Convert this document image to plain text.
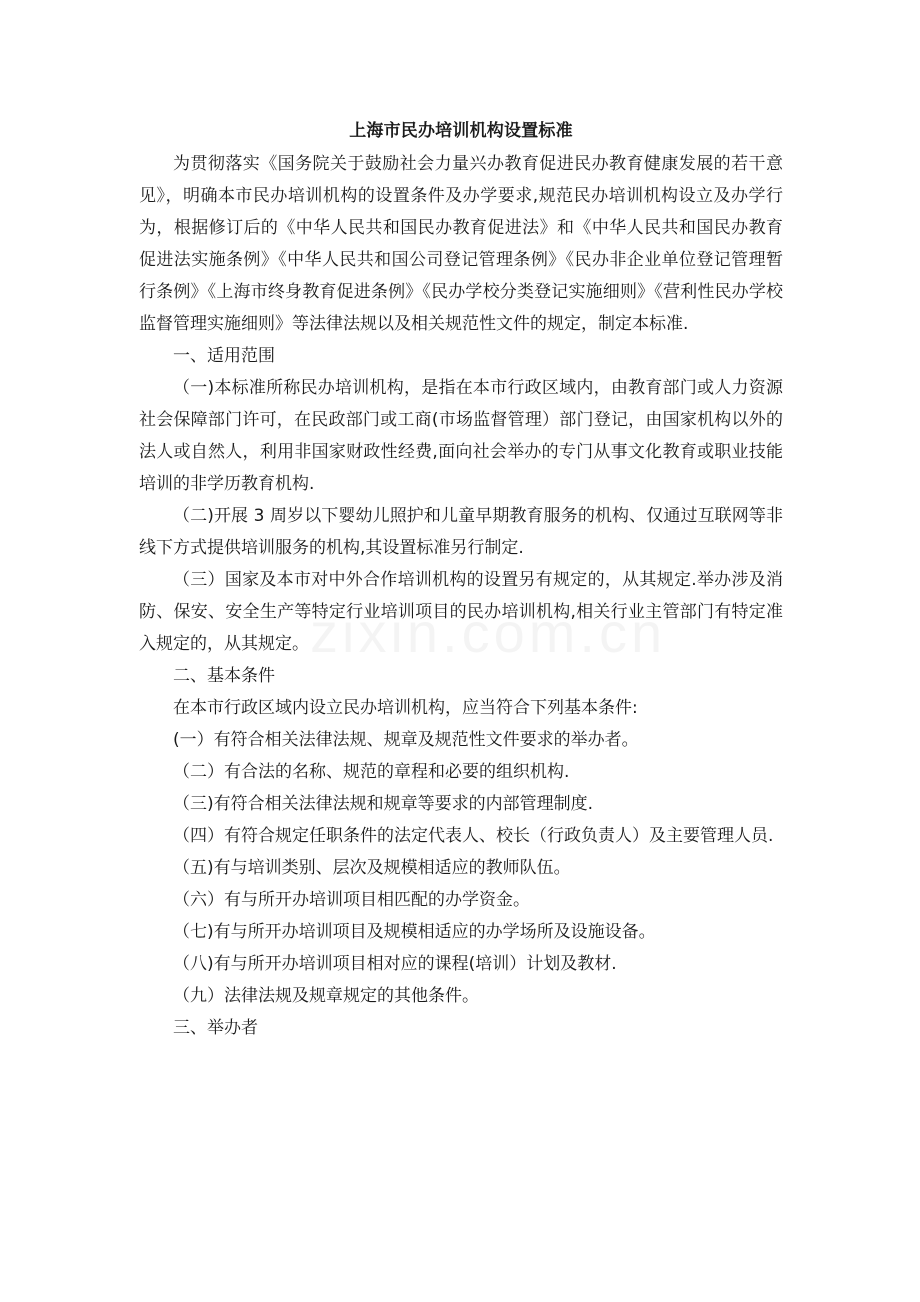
上海市民办培训机构设置标准

为贯彻落实《国务院关于鼓励社会力量兴办教育促进民办教育健康发展的若干意见》，明确本市民办培训机构的设置条件及办学要求,规范民办培训机构设立及办学行为，根据修订后的《中华人民共和国民办教育促进法》和《中华人民共和国民办教育促进法实施条例》《中华人民共和国公司登记管理条例》《民办非企业单位登记管理暂行条例》《上海市终身教育促进条例》《民办学校分类登记实施细则》《营利性民办学校监督管理实施细则》等法律法规以及相关规范性文件的规定，制定本标准.

一、适用范围

（一)本标准所称民办培训机构，是指在本市行政区域内，由教育部门或人力资源社会保障部门许可，在民政部门或工商(市场监督管理）部门登记，由国家机构以外的法人或自然人，利用非国家财政性经费,面向社会举办的专门从事文化教育或职业技能培训的非学历教育机构.

（二)开展 3 周岁以下婴幼儿照护和儿童早期教育服务的机构、仅通过互联网等非线下方式提供培训服务的机构,其设置标准另行制定.

（三）国家及本市对中外合作培训机构的设置另有规定的，从其规定.举办涉及消防、保安、安全生产等特定行业培训项目的民办培训机构,相关行业主管部门有特定准入规定的，从其规定。

二、基本条件

在本市行政区域内设立民办培训机构，应当符合下列基本条件:

(一）有符合相关法律法规、规章及规范性文件要求的举办者。

（二）有合法的名称、规范的章程和必要的组织机构.

（三)有符合相关法律法规和规章等要求的内部管理制度.

（四）有符合规定任职条件的法定代表人、校长（行政负责人）及主要管理人员.

（五)有与培训类别、层次及规模相适应的教师队伍。

（六）有与所开办培训项目相匹配的办学资金。

（七)有与所开办培训项目及规模相适应的办学场所及设施设备。

（八)有与所开办培训项目相对应的课程(培训）计划及教材.

（九）法律法规及规章规定的其他条件。

三、举办者
